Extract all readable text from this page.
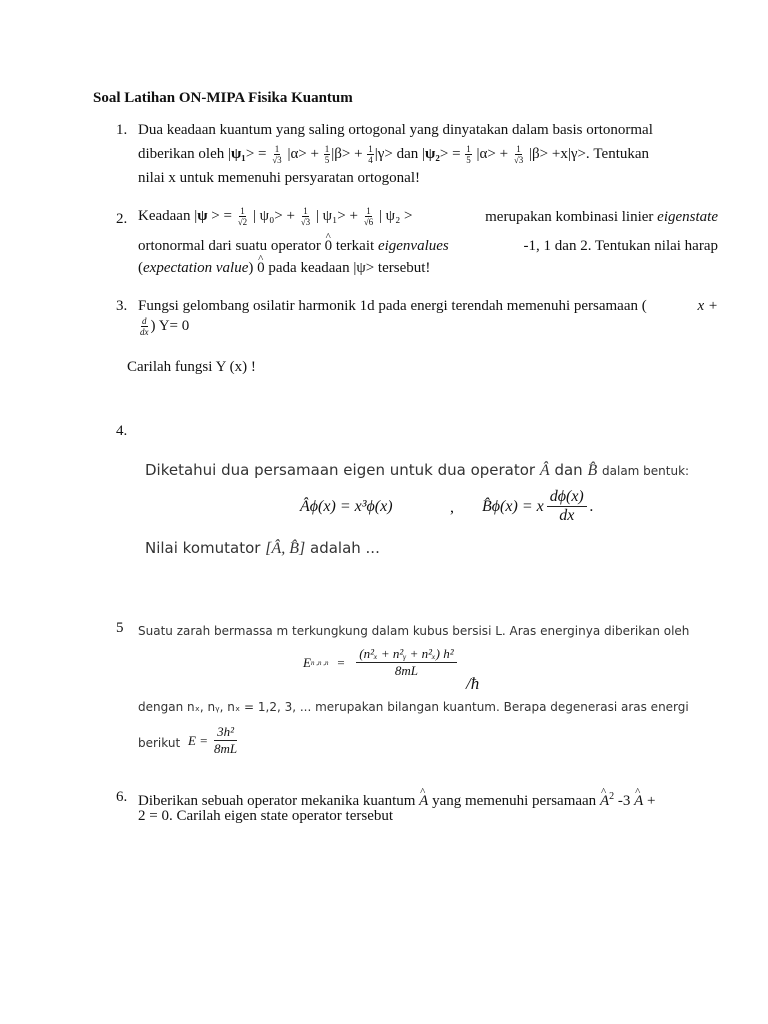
Soal Latihan ON-MIPA Fisika Kuantum
1. Dua keadaan kuantum yang saling ortogonal yang dinyatakan dalam basis ortonormal
diberikan oleh $|\psi_1> = \frac{1}{√3} |\alpha> + \frac{1}{5} |\beta> + \frac{1}{4} |\gamma>$ dan $|\psi_2> = \frac{1}{5} |\alpha> + \frac{1}{√3} |\beta> +x|\gamma>$. Tentukan
nilai x untuk memenuhi persyaratan ortogonal!
2. Keadaan |ψ > = $\frac{1}{√2}$ | $\psi_0> + \frac{1}{√3}$ | $\psi_1> + \frac{1}{√6}$ | ψ₂ >	merupakan kombinasi linier eigenstate
ortonormal dari suatu operator ^ 0 terkait eigenvalues	-1, 1 dan 2. Tentukan nilai harap
(expectation value) ^ 0 pada keadaan |ψ> tersebut!
3. Fungsi gelombang osilatir harmonik 1d pada energi terendah memenuhi persamaan (	x +
$\frac{d}{dx}$ ) Y= 0
Carilah fungsi Y (x) !
4.
Diketahui dua persamaan eigen untuk dua operator Â dan B̂ dalam bentuk:
Âϕ(x) = x³ϕ(x)	, B̂ϕ(x) = x $\frac{d\phi(x)}{dx}$ .
Nilai komutator [Â, B̂] adalah ...
5 Suatu zarah bermassa m terkungkung dalam kubus bersisi L. Aras energinya diberikan oleh
E n ,n $,n = \frac{\text{(n²ₓ + n²ᵧ + n²ₓ) h²}}{8mL}$
/ħ
dengan nₓ, nᵧ, nₓ = 1,2, 3, ... merupakan bilangan kuantum. Berapa degenerasi aras energi
berikut $E = \frac{\text{3h²}}{8mL}$
6. Diberikan sebuah operator mekanika kuantum ^ A yang memenuhi persamaan ^ $A^2$ -3 ^ A +
2 = 0. Carilah eigen state operator tersebut
